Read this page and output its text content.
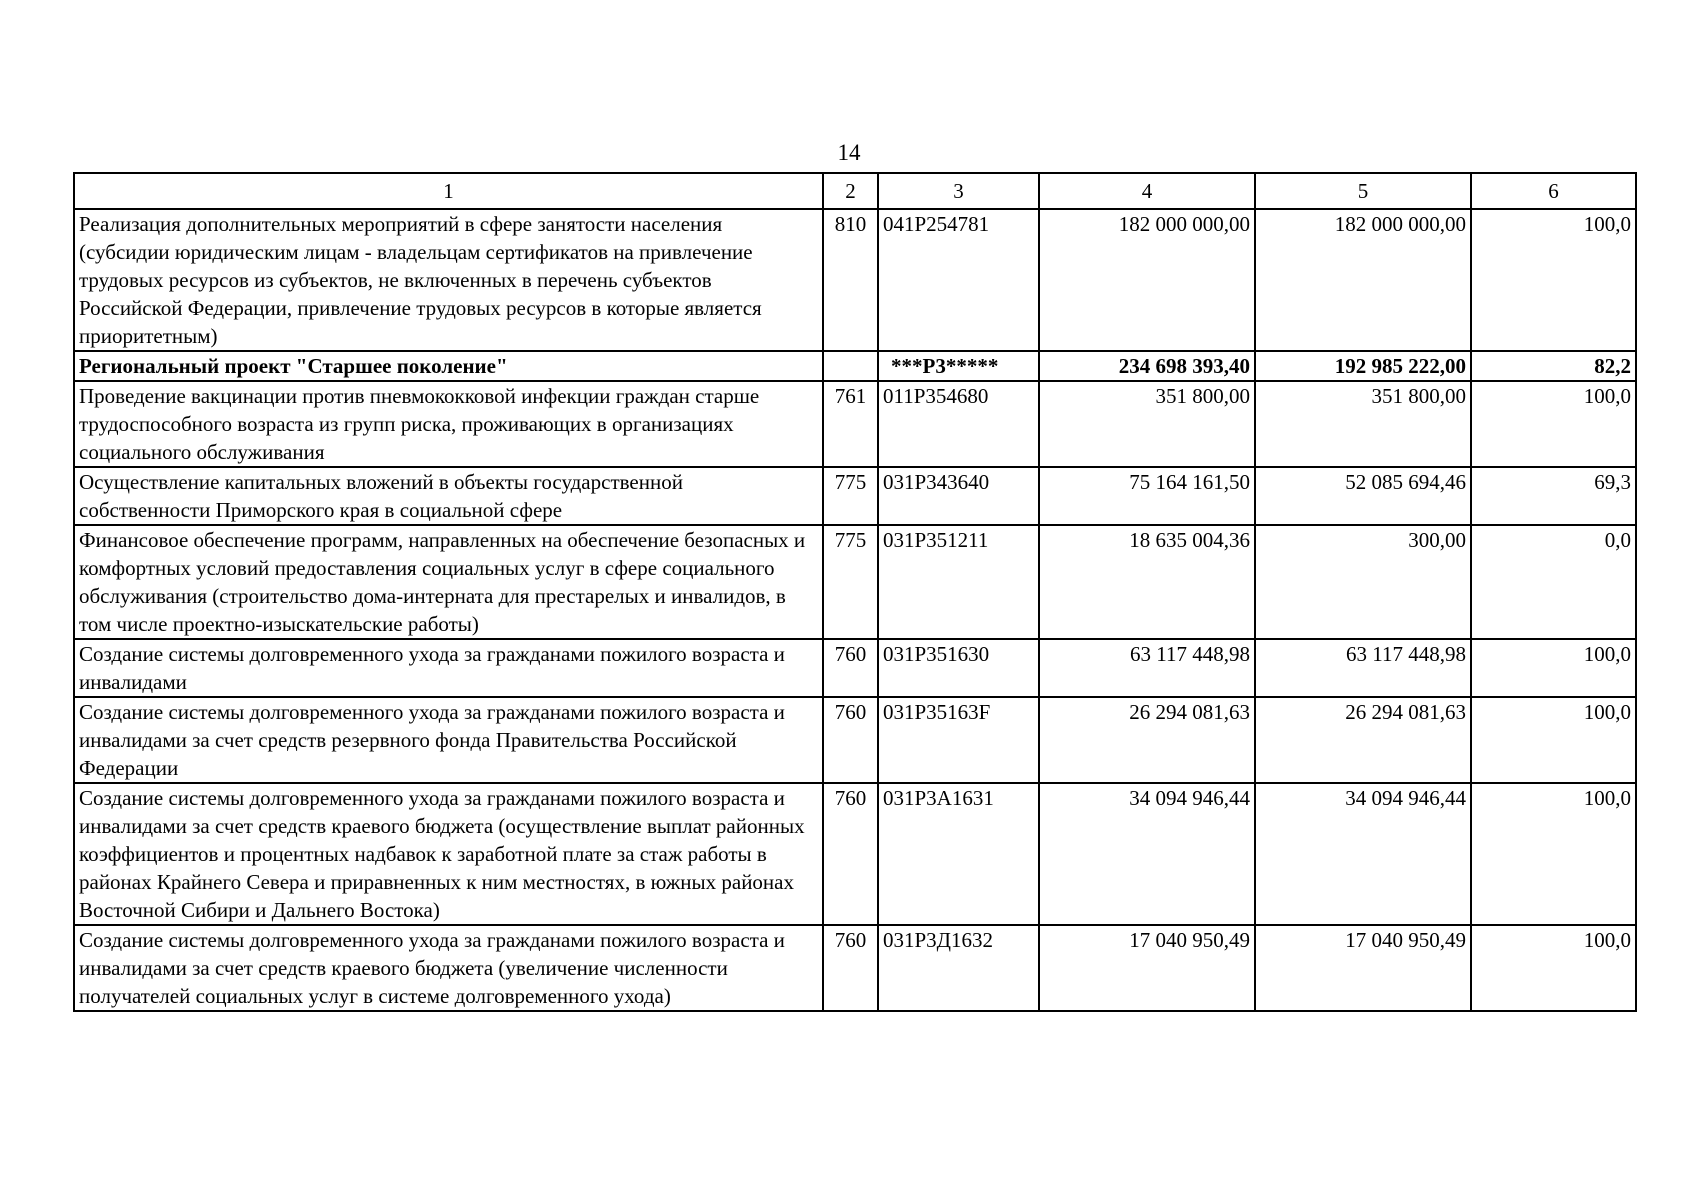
14
1	2	3	4	5	6
Реализация дополнительных мероприятий в сфере занятости населения (субсидии юридическим лицам - владельцам сертификатов на привлечение трудовых ресурсов из субъектов, не включенных в перечень субъектов Российской Федерации, привлечение трудовых ресурсов в которые является приоритетным)	810	041P254781	182 000 000,00	182 000 000,00	100,0
Региональный проект "Старшее поколение"		***P3*****	234 698 393,40	192 985 222,00	82,2
Проведение вакцинации против пневмококковой инфекции граждан старше трудоспособного возраста из групп риска, проживающих в организациях социального обслуживания	761	011P354680	351 800,00	351 800,00	100,0
Осуществление капитальных вложений в объекты государственной собственности Приморского края в социальной сфере	775	031P343640	75 164 161,50	52 085 694,46	69,3
Финансовое обеспечение программ, направленных на обеспечение безопасных и комфортных условий предоставления социальных услуг в сфере социального обслуживания (строительство дома-интерната для престарелых и инвалидов, в том числе проектно-изыскательские работы)	775	031P351211	18 635 004,36	300,00	0,0
Создание системы долговременного ухода за гражданами пожилого возраста и инвалидами	760	031P351630	63 117 448,98	63 117 448,98	100,0
Создание системы долговременного ухода за гражданами пожилого возраста и инвалидами за счет средств резервного фонда Правительства Российской Федерации	760	031P35163F	26 294 081,63	26 294 081,63	100,0
Создание системы долговременного ухода за гражданами пожилого возраста и инвалидами за счет средств краевого бюджета (осуществление выплат районных коэффициентов и процентных надбавок к заработной плате за стаж работы в районах Крайнего Севера и приравненных к ним местностях, в южных районах Восточной Сибири и Дальнего Востока)	760	031P3A1631	34 094 946,44	34 094 946,44	100,0
Создание системы долговременного ухода за гражданами пожилого возраста и инвалидами за счет средств краевого бюджета (увеличение численности получателей социальных услуг в системе долговременного ухода)	760	031P3Д1632	17 040 950,49	17 040 950,49	100,0
